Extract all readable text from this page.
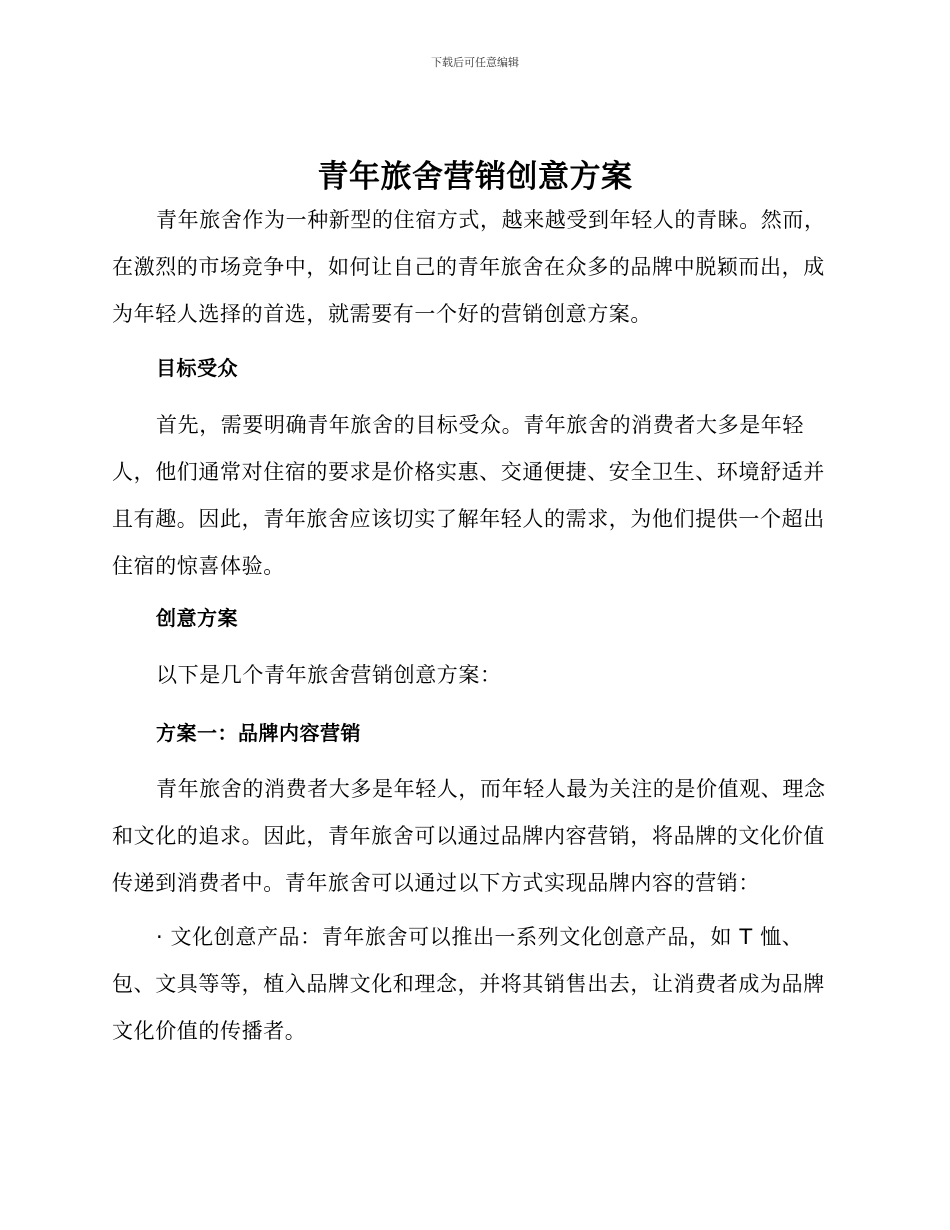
下载后可任意编辑
青年旅舍营销创意方案

青年旅舍作为一种新型的住宿方式，越来越受到年轻人的青睐。然而，在激烈的市场竞争中，如何让自己的青年旅舍在众多的品牌中脱颖而出，成为年轻人选择的首选，就需要有一个好的营销创意方案。

目标受众

首先，需要明确青年旅舍的目标受众。青年旅舍的消费者大多是年轻人，他们通常对住宿的要求是价格实惠、交通便捷、安全卫生、环境舒适并且有趣。因此，青年旅舍应该切实了解年轻人的需求，为他们提供一个超出住宿的惊喜体验。

创意方案

以下是几个青年旅舍营销创意方案：

方案一：品牌内容营销

青年旅舍的消费者大多是年轻人，而年轻人最为关注的是价值观、理念和文化的追求。因此，青年旅舍可以通过品牌内容营销，将品牌的文化价值传递到消费者中。青年旅舍可以通过以下方式实现品牌内容的营销：

· 文化创意产品：青年旅舍可以推出一系列文化创意产品，如 T 恤、包、文具等等，植入品牌文化和理念，并将其销售出去，让消费者成为品牌文化价值的传播者。
